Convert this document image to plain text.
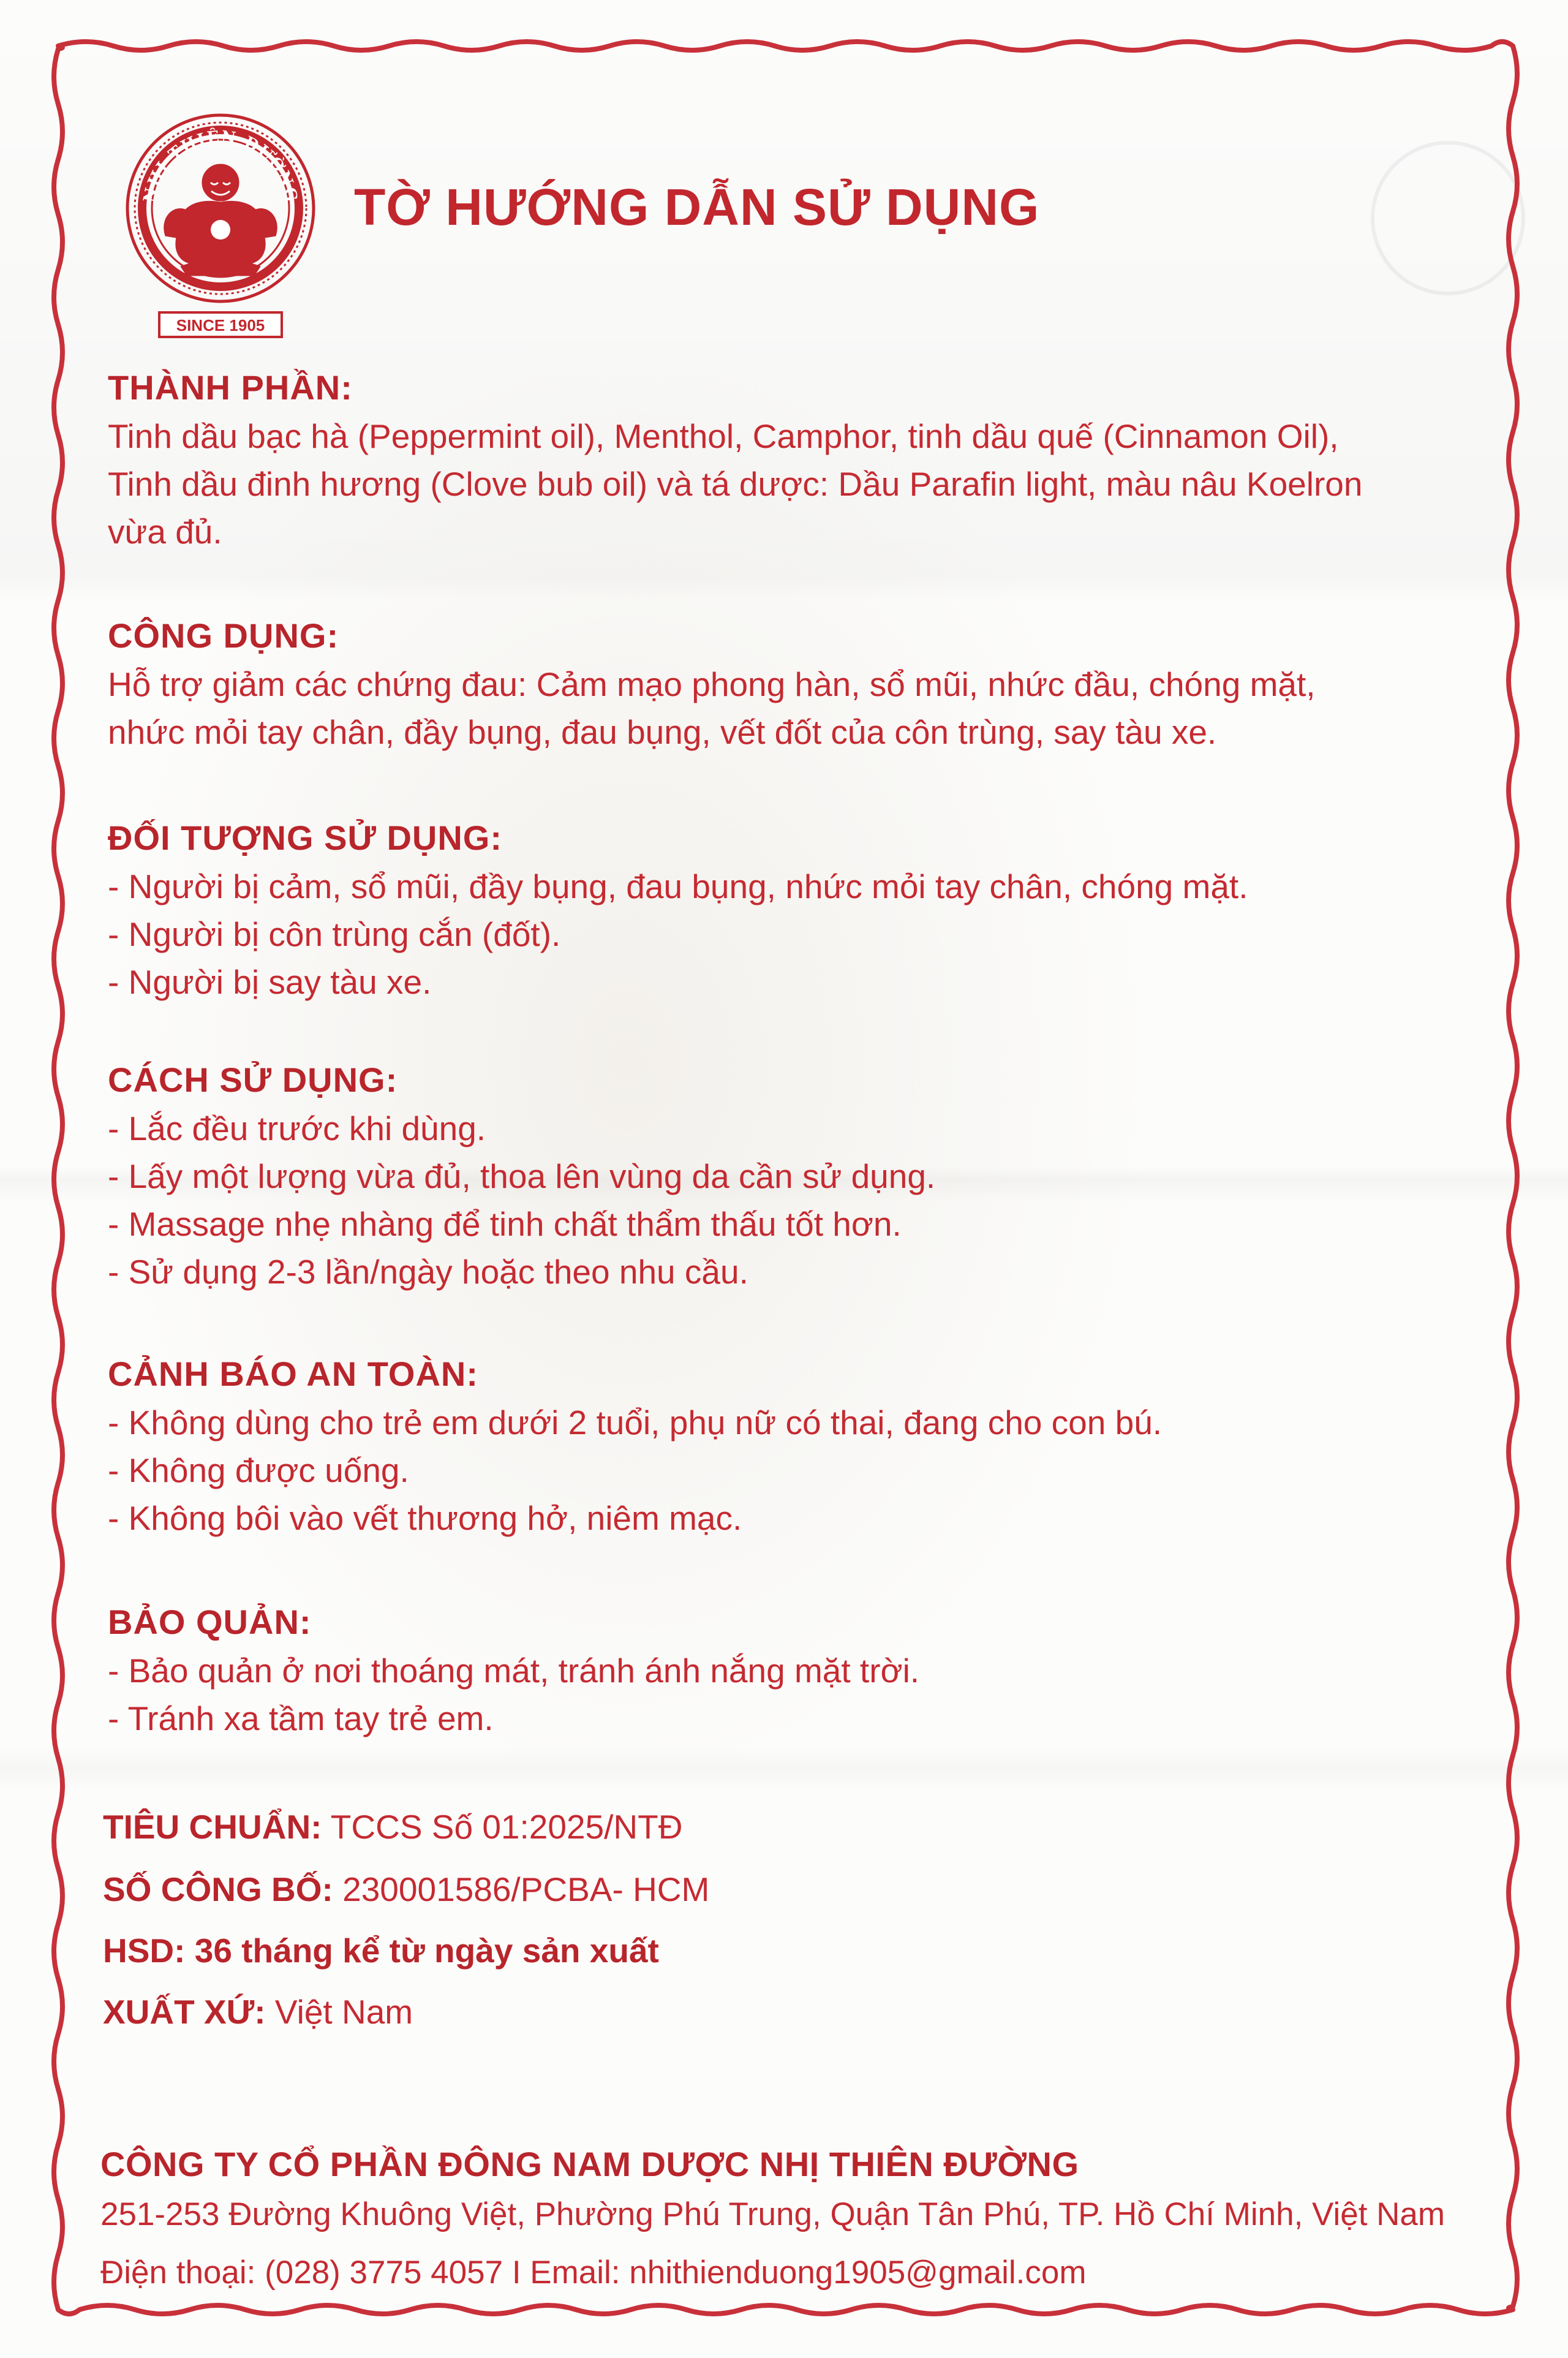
NHỊ THIÊN ĐƯỜNG
SINCE 1905
TỜ HƯỚNG DẪN SỬ DỤNG
THÀNH PHẦN:

Tinh dầu bạc hà (Peppermint oil), Menthol, Camphor, tinh dầu quế (Cinnamon Oil),

Tinh dầu đinh hương (Clove bub oil) và tá dược: Dầu Parafin light, màu nâu Koelron

vừa đủ.

CÔNG DỤNG:

Hỗ trợ giảm các chứng đau: Cảm mạo phong hàn, sổ mũi, nhức đầu, chóng mặt,

nhức mỏi tay chân, đầy bụng, đau bụng, vết đốt của côn trùng, say tàu xe.

ĐỐI TƯỢNG SỬ DỤNG:

- Người bị cảm, sổ mũi, đầy bụng, đau bụng, nhức mỏi tay chân, chóng mặt.

- Người bị côn trùng cắn (đốt).

- Người bị say tàu xe.

CÁCH SỬ DỤNG:

- Lắc đều trước khi dùng.

- Lấy một lượng vừa đủ, thoa lên vùng da cần sử dụng.

- Massage nhẹ nhàng để tinh chất thẩm thấu tốt hơn.

- Sử dụng 2-3 lần/ngày hoặc theo nhu cầu.

CẢNH BÁO AN TOÀN:

- Không dùng cho trẻ em dưới 2 tuổi, phụ nữ có thai, đang cho con bú.

- Không được uống.

- Không bôi vào vết thương hở, niêm mạc.

BẢO QUẢN:

- Bảo quản ở nơi thoáng mát, tránh ánh nắng mặt trời.

- Tránh xa tầm tay trẻ em.

TIÊU CHUẨN: TCCS Số 01:2025/NTĐ
SỐ CÔNG BỐ: 230001586/PCBA- HCM
HSD: 36 tháng kể từ ngày sản xuất
XUẤT XỨ: Việt Nam
CÔNG TY CỔ PHẦN ĐÔNG NAM DƯỢC NHỊ THIÊN ĐƯỜNG

251-253 Đường Khuông Việt, Phường Phú Trung, Quận Tân Phú, TP. Hồ Chí Minh, Việt Nam

Điện thoại: (028) 3775 4057 I Email: nhithienduong1905@gmail.com
